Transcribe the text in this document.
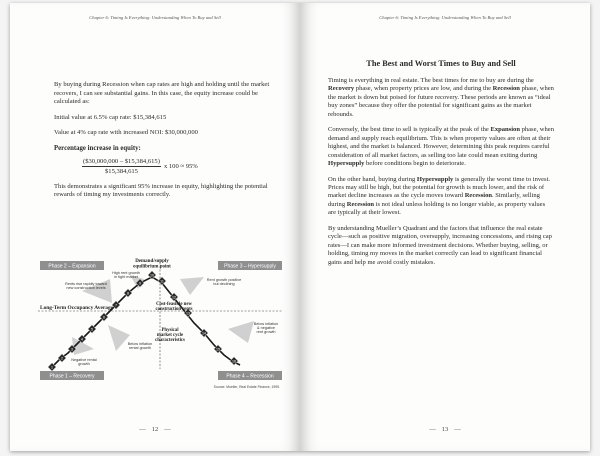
Chapter 6: Timing Is Everything: Understanding When To Buy and Sell

By buying during Recession when cap rates are high and holding until the market recovers, I can see substantial gains. In this case, the equity increase could be calculated as:

Initial value at 6.5% cap rate: $15,384,615

Value at 4% cap rate with increased NOI: $30,000,000

Percentage increase in equity:

$\frac{(\$30,000,000 - \$15,384,615)}{\$15,384,615}$ x 100 ≈ 95%

This demonstrates a significant 95% increase in equity, highlighting the potential rewards of timing my investments correctly.

Phase 2 – Expansion	Phase 3 – Hypersupply
Phase 1 – Recovery	Phase 4 – Recession
1
2
3
4
5
6
7
8
9
10
11
12
13
14
15
16
Demand/supply
equilibrium point
Long-Term Occupancy Average
Cost-feasible new
construction rents
Physical
market cycle
characteristics
High rent growth
in tight market
Rents rise rapidly toward
new construction levels
Rent growth positive
but declining
Below inflation
rental growth
Negative rental
growth
Below inflation
& negative
rent growth
Source: Mueller, Real Estate Finance, 1995.
— 12 —
Chapter 6: Timing Is Everything: Understanding When To Buy and Sell
The Best and Worst Times to Buy and Sell

Timing is everything in real estate. The best times for me to buy are during the Recovery phase, when property prices are low, and during the Recession phase, when the market is down but poised for future recovery. These periods are known as “ideal buy zones” because they offer the potential for significant gains as the market rebounds.

Conversely, the best time to sell is typically at the peak of the Expansion phase, when demand and supply reach equilibrium. This is when property values are often at their highest, and the market is balanced. However, determining this peak requires careful consideration of all market factors, as selling too late could mean exiting during Hypersupply before conditions begin to deteriorate.

On the other hand, buying during Hypersupply is generally the worst time to invest. Prices may still be high, but the potential for growth is much lower, and the risk of market decline increases as the cycle moves toward Recession. Similarly, selling during Recession is not ideal unless holding is no longer viable, as property values are typically at their lowest.

By understanding Mueller’s Quadrant and the factors that influence the real estate cycle—such as positive migration, oversupply, increasing concessions, and rising cap rates—I can make more informed investment decisions. Whether buying, selling, or holding, timing my moves in the market correctly can lead to significant financial gains and help me avoid costly mistakes.

— 13 —
